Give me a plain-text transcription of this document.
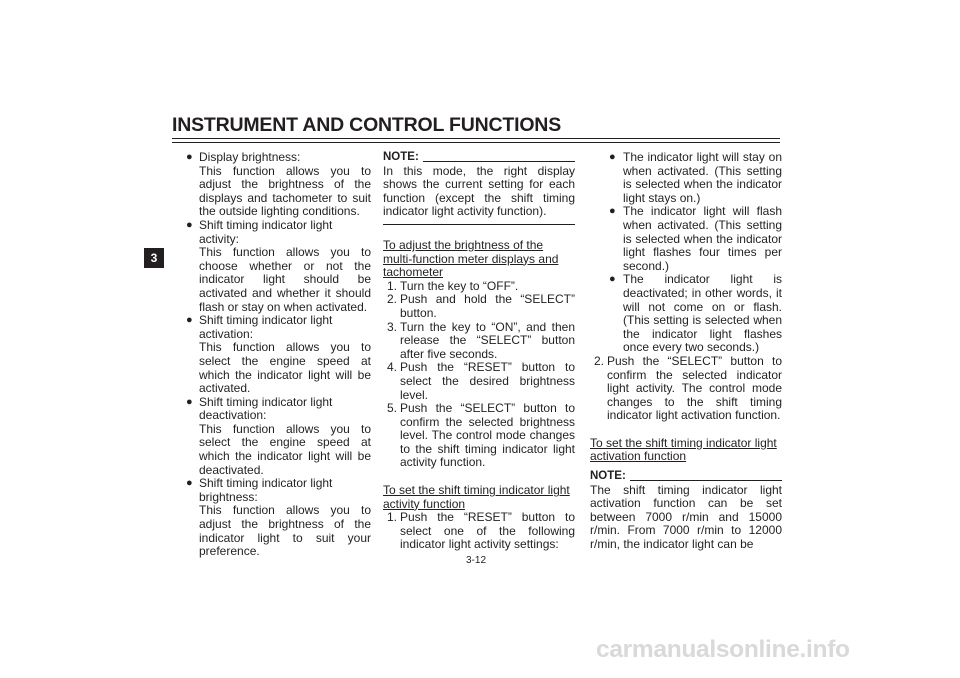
INSTRUMENT AND CONTROL FUNCTIONS
3
● Display brightness:

This function allows you to adjust the brightness of the displays and tachometer to suit the outside lighting conditions.

● Shift timing indicator light activity:

This function allows you to choose whether or not the indicator light should be activated and whether it should flash or stay on when activated.

● Shift timing indicator light activation:

This function allows you to select the engine speed at which the indicator light will be activated.

● Shift timing indicator light deactivation:

This function allows you to select the engine speed at which the indicator light will be deactivated.

● Shift timing indicator light brightness:

This function allows you to adjust the brightness of the indicator light to suit your preference.

NOTE:

In this mode, the right display shows the current setting for each function (except the shift timing indicator light activity function).

To adjust the brightness of the multi-function meter displays and tachometer

1. Turn the key to “OFF”.

2. Push and hold the “SELECT” button.

3. Turn the key to “ON”, and then release the “SELECT” button after five seconds.

4. Push the “RESET” button to select the desired brightness level.

5. Push the “SELECT” button to confirm the selected brightness level. The control mode changes to the shift timing indicator light activity function.

To set the shift timing indicator light activity function

1. Push the “RESET” button to select one of the following indicator light activity settings:

● The indicator light will stay on when activated. (This setting is selected when the indicator light stays on.)

● The indicator light will flash when activated. (This setting is selected when the indicator light flashes four times per second.)

● The indicator light is deactivated; in other words, it will not come on or flash. (This setting is selected when the indicator light flashes once every two seconds.)

2. Push the “SELECT” button to confirm the selected indicator light activity. The control mode changes to the shift timing indicator light activation function.

To set the shift timing indicator light activation function

NOTE:

The shift timing indicator light activation function can be set between 7000 r/min and 15000 r/min. From 7000 r/min to 12000 r/min, the indicator light can be

3-12
carmanualsonline.info
